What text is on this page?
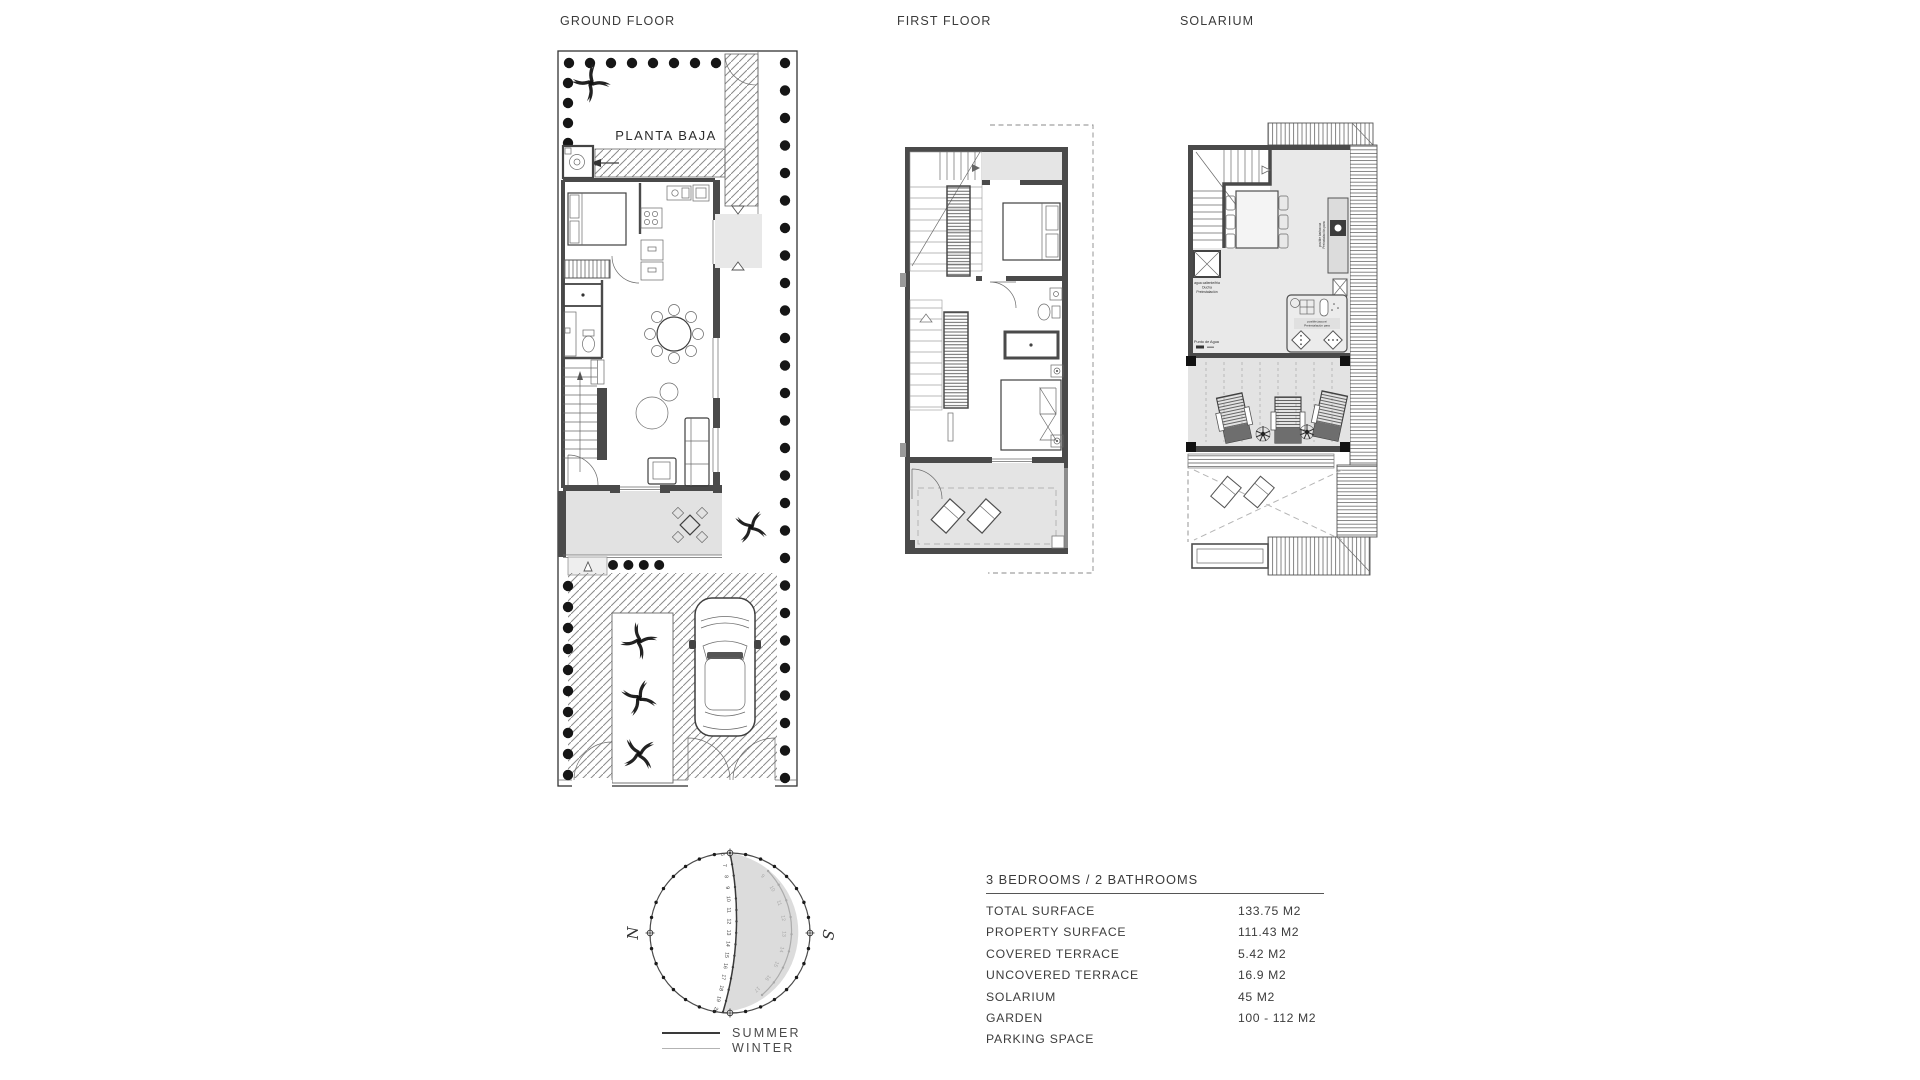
GROUND FLOOR	FIRST FLOOR	SOLARIUM
PLANTA BAJA
agua caliente/fria
Ducha
Preinstalación
posible barbacoa Preinstalación para
posible jacuzzi
Preinstalación para
Punto de Agua
6
7
8
9
10
11
12
13
14
15
16
17
18
19
20
9
10
11
12
13
14
15
16
17
N	S
SUMMER
WINTER
3 BEDROOMS / 2 BATHROOMS
TOTAL SURFACE	133.75 M2
PROPERTY SURFACE	111.43 M2
COVERED TERRACE	5.42 M2
UNCOVERED TERRACE	16.9 M2
SOLARIUM	45 M2
GARDEN	100 - 112 M2
PARKING SPACE
